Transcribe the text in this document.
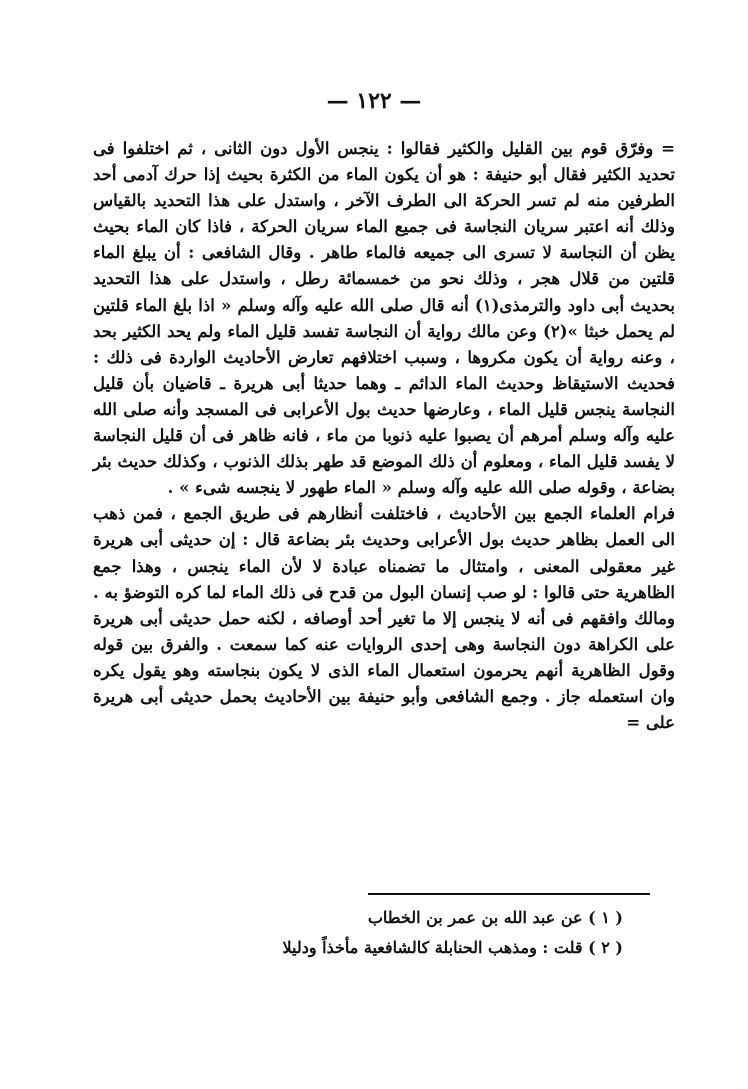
— ١٢٢ —

= وفرّق قوم بين القليل والكثير فقالوا : ينجس الأول دون الثانى ، ثم اختلفوا فى تحديد الكثير فقال أبو حنيفة : هو أن يكون الماء من الكثرة بحيث إذا حرك آدمى أحد الطرفين منه لم تسر الحركة الى الطرف الآخر ، واستدل على هذا التحديد بالقياس وذلك أنه اعتبر سريان النجاسة فى جميع الماء سريان الحركة ، فاذا كان الماء بحيث يظن أن النجاسة لا تسرى الى جميعه فالماء طاهر . وقال الشافعى : أن يبلغ الماء قلتين من قلال هجر ، وذلك نحو من خمسمائة رطل ، واستدل على هذا التحديد بحديث أبى داود والترمذى(١) أنه قال صلى الله عليه وآله وسلم « اذا بلغ الماء قلتين لم يحمل خبثا »(٢) وعن مالك رواية أن النجاسة تفسد قليل الماء ولم يحد الكثير بحد ، وعنه رواية أن يكون مكروها ، وسبب اختلافهم تعارض الأحاديث الواردة فى ذلك : فحديث الاستيقاظ وحديث الماء الدائم ـ وهما حديثا أبى هريرة ـ قاضيان بأن قليل النجاسة ينجس قليل الماء ، وعارضها حديث بول الأعرابى فى المسجد وأنه صلى الله عليه وآله وسلم أمرهم أن يصبوا عليه ذنوبا من ماء ، فانه ظاهر فى أن قليل النجاسة لا يفسد قليل الماء ، ومعلوم أن ذلك الموضع قد طهر بذلك الذنوب ، وكذلك حديث بئر بضاعة ، وقوله صلى الله عليه وآله وسلم « الماء طهور لا ينجسه شىء » .

فرام العلماء الجمع بين الأحاديث ، فاختلفت أنظارهم فى طريق الجمع ، فمن ذهب الى العمل بظاهر حديث بول الأعرابى وحديث بئر بضاعة قال : إن حديثى أبى هريرة غير معقولى المعنى ، وامتثال ما تضمناه عبادة لا لأن الماء ينجس ، وهذا جمع الظاهرية حتى قالوا : لو صب إنسان البول من قدح فى ذلك الماء لما كره التوضؤ به . ومالك وافقهم فى أنه لا ينجس إلا ما تغير أحد أوصافه ، لكنه حمل حديثى أبى هريرة على الكراهة دون النجاسة وهى إحدى الروايات عنه كما سمعت . والفرق بين قوله وقول الظاهرية أنهم يحرمون استعمال الماء الذى لا يكون بنجاسته وهو يقول يكره وان استعمله جاز . وجمع الشافعى وأبو حنيفة بين الأحاديث بحمل حديثى أبى هريرة على =

( ١ ) عن عبد الله بن عمر بن الخطاب
( ٢ ) قلت : ومذهب الحنابلة كالشافعية مأخذاً ودليلا
